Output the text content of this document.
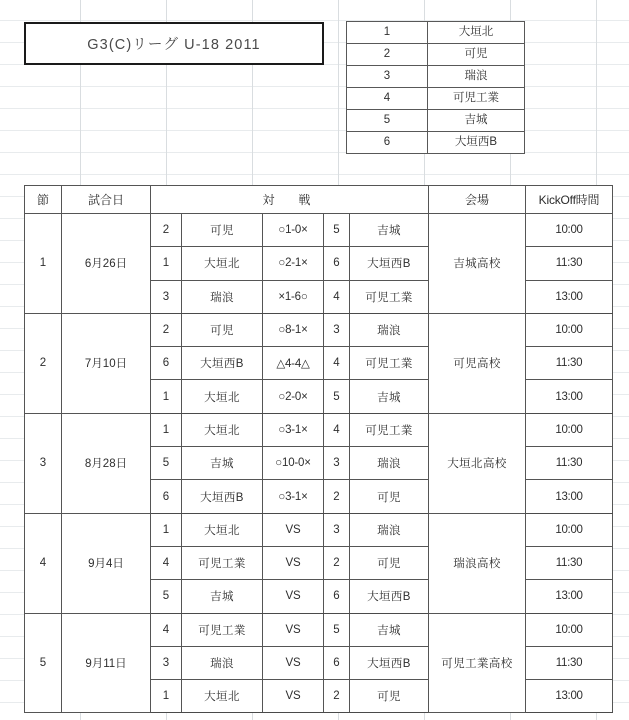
G3(C)リーグ U-18 2011
1	大垣北
2	可児
3	瑞浪
4	可児工業
5	吉城
6	大垣西B
節	試合日	対　戦					会場	KickOff時間
1	6月26日	2	可児	○1-0×	5	吉城	吉城高校	10:00
		1	大垣北	○2-1×	6	大垣西B		11:30
		3	瑞浪	×1-6○	4	可児工業		13:00
2	7月10日	2	可児	○8-1×	3	瑞浪	可児高校	10:00
		6	大垣西B	△4-4△	4	可児工業		11:30
		1	大垣北	○2-0×	5	吉城		13:00
3	8月28日	1	大垣北	○3-1×	4	可児工業	大垣北高校	10:00
		5	吉城	○10-0×	3	瑞浪		11:30
		6	大垣西B	○3-1×	2	可児		13:00
4	9月4日	1	大垣北	VS	3	瑞浪	瑞浪高校	10:00
		4	可児工業	VS	2	可児		11:30
		5	吉城	VS	6	大垣西B		13:00
5	9月11日	4	可児工業	VS	5	吉城	可児工業高校	10:00
		3	瑞浪	VS	6	大垣西B		11:30
		1	大垣北	VS	2	可児		13:00
